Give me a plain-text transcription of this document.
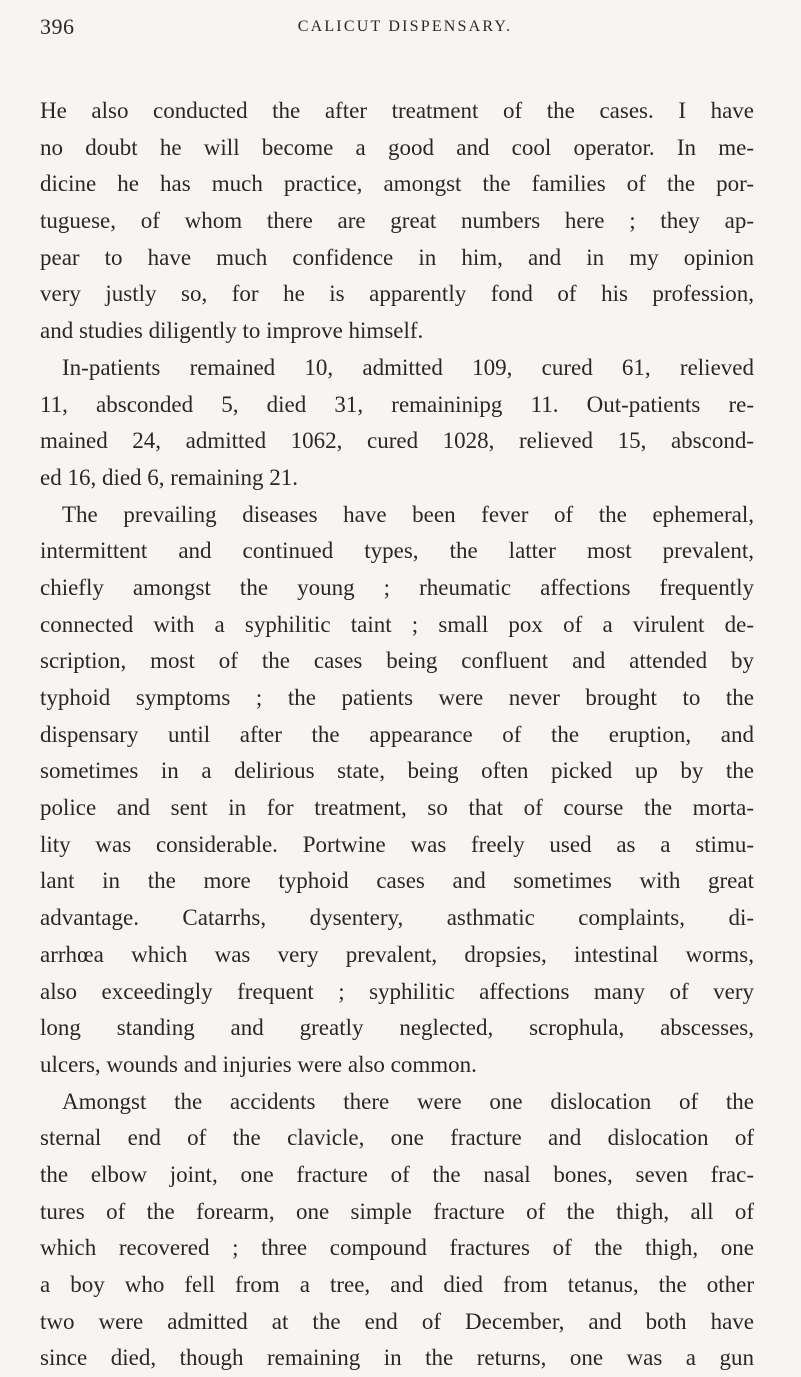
396	CALICUT DISPENSARY.
He also conducted the after treatment of the cases. I have
no doubt he will become a good and cool operator. In me-
dicine he has much practice, amongst the families of the por-
tuguese, of whom there are great numbers here ; they ap-
pear to have much confidence in him, and in my opinion
very justly so, for he is apparently fond of his profession,
and studies diligently to improve himself.
In-patients remained 10, admitted 109, cured 61, relieved
11, absconded 5, died 31, remaininipg 11. Out-patients re-
mained 24, admitted 1062, cured 1028, relieved 15, abscond-
ed 16, died 6, remaining 21.
The prevailing diseases have been fever of the ephemeral,
intermittent and continued types, the latter most prevalent,
chiefly amongst the young ; rheumatic affections frequently
connected with a syphilitic taint ; small pox of a virulent de-
scription, most of the cases being confluent and attended by
typhoid symptoms ; the patients were never brought to the
dispensary until after the appearance of the eruption, and
sometimes in a delirious state, being often picked up by the
police and sent in for treatment, so that of course the morta-
lity was considerable. Portwine was freely used as a stimu-
lant in the more typhoid cases and sometimes with great
advantage. Catarrhs, dysentery, asthmatic complaints, di-
arrhœa which was very prevalent, dropsies, intestinal worms,
also exceedingly frequent ; syphilitic affections many of very
long standing and greatly neglected, scrophula, abscesses,
ulcers, wounds and injuries were also common.
Amongst the accidents there were one dislocation of the
sternal end of the clavicle, one fracture and dislocation of
the elbow joint, one fracture of the nasal bones, seven frac-
tures of the forearm, one simple fracture of the thigh, all of
which recovered ; three compound fractures of the thigh, one
a boy who fell from a tree, and died from tetanus, the other
two were admitted at the end of December, and both have
since died, though remaining in the returns, one was a gun
